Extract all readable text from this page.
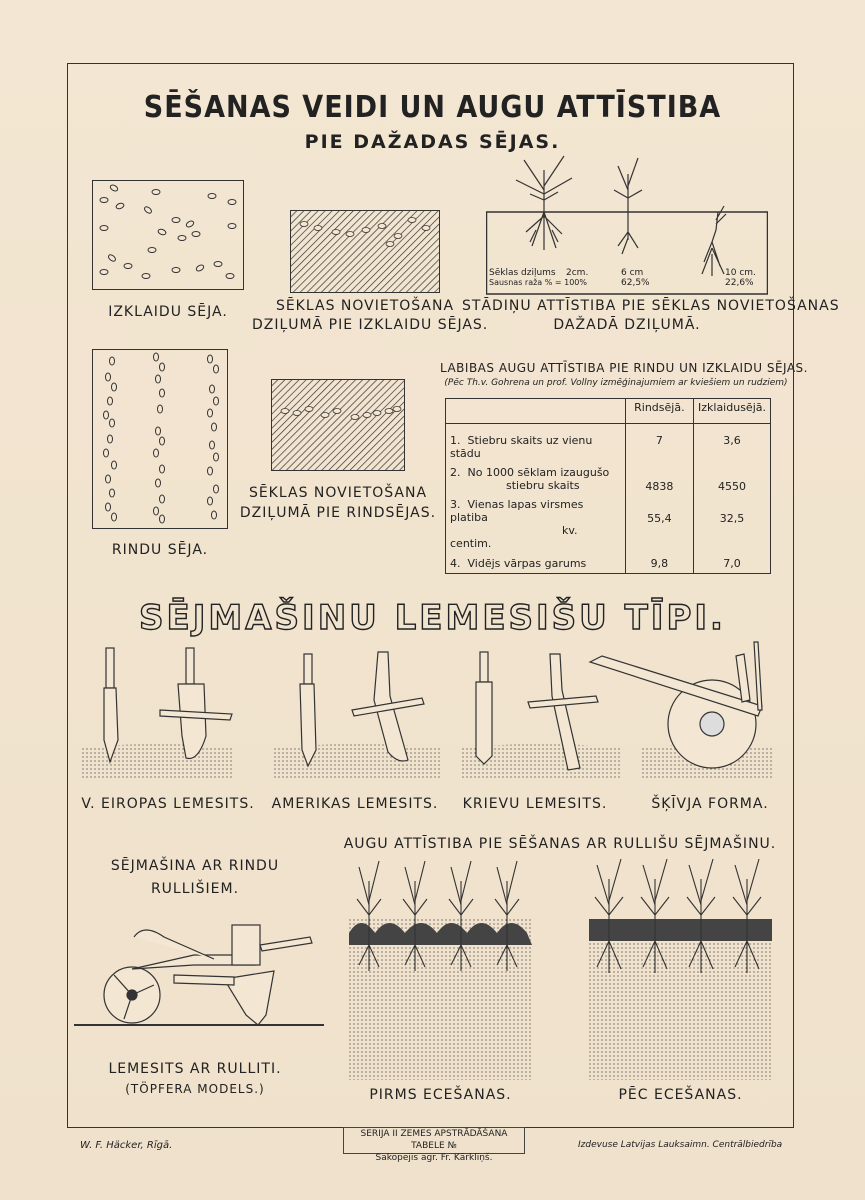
SĒŠANAS VEIDI UN AUGU ATTĪSTIBA
PIE DAŽADAS SĒJAS.
IZKLAIDU SĒJA.	SĒKLAS NOVIETOŠANA
DZIĻUMĀ PIE IZKLAIDU SĒJAS.
Sēklas dziļums 2cm.	6 cm	10 cm.
Sausnas raža % = 100%	62,5%	22,6%
STĀDIŅU ATTĪSTIBA PIE SĒKLAS NOVIETOŠANAS
DAŽADĀ DZIĻUMĀ.
RINDU SĒJA.
SĒKLAS NOVIETOŠANA
DZIĻUMĀ PIE RINDSĒJAS.
LABIBAS AUGU ATTĪSTIBA PIE RINDU UN IZKLAIDU SĒJAS.
(Pēc Th.v. Gohrena un prof. Vollny izmēģinajumiem ar kviešiem un rudziem)
	Rindsējā.	Izklaidusējā.
1. Stiebru skaits uz vienu stādu	7	3,6
2. No 1000 sēklam izaugušo
stiebru skaits	4838	4550
3. Vienas lapas virsmes platiba
kv. centim.	55,4	32,5
4. Vidējs vārpas garums	9,8	7,0
SĒJMAŠINU LEMESIŠU TĪPI.
V. EIROPAS LEMESITS.	AMERIKAS LEMESITS.	KRIEVU LEMESITS.	ŠĶĪVJA FORMA.
SĒJMAŠINA AR RINDU
RULLIŠIEM.
AUGU ATTĪSTIBA PIE SĒŠANAS AR RULLIŠU SĒJMAŠINU.
LEMESITS AR RULLITI.
(TÖPFERA MODELS.)	PIRMS ECEŠANAS.	PĒC ECEŠANAS.
W. F. Häcker, Rīgā.
SERIJA II ZEMES APSTRĀDĀŠANA TABELE №
Sakopejis agr. Fr. Kārkliņš.
Izdevuse Latvijas Lauksaimn. Centrālbiedrība
